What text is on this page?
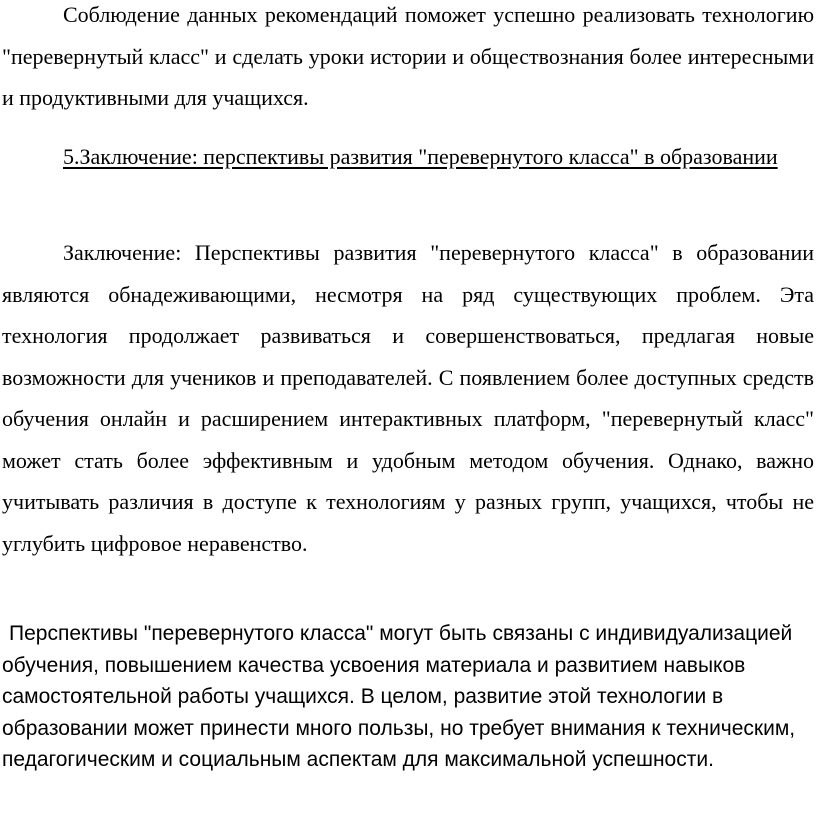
Соблюдение данных рекомендаций поможет успешно реализовать технологию "перевернутый класс" и сделать уроки истории и обществознания более интересными и продуктивными для учащихся.

5.Заключение: перспективы развития "перевернутого класса" в образовании

Заключение: Перспективы развития "перевернутого класса" в образовании являются обнадеживающими, несмотря на ряд существующих проблем. Эта технология продолжает развиваться и совершенствоваться, предлагая новые возможности для учеников и преподавателей. С появлением более доступных средств обучения онлайн и расширением интерактивных платформ, "перевернутый класс" может стать более эффективным и удобным методом обучения. Однако, важно учитывать различия в доступе к технологиям у разных групп, учащихся, чтобы не углубить цифровое неравенство.

Перспективы "перевернутого класса" могут быть связаны с индивидуализацией обучения, повышением качества усвоения материала и развитием навыков самостоятельной работы учащихся. В целом, развитие этой технологии в образовании может принести много пользы, но требует внимания к техническим, педагогическим и социальным аспектам для максимальной успешности.
